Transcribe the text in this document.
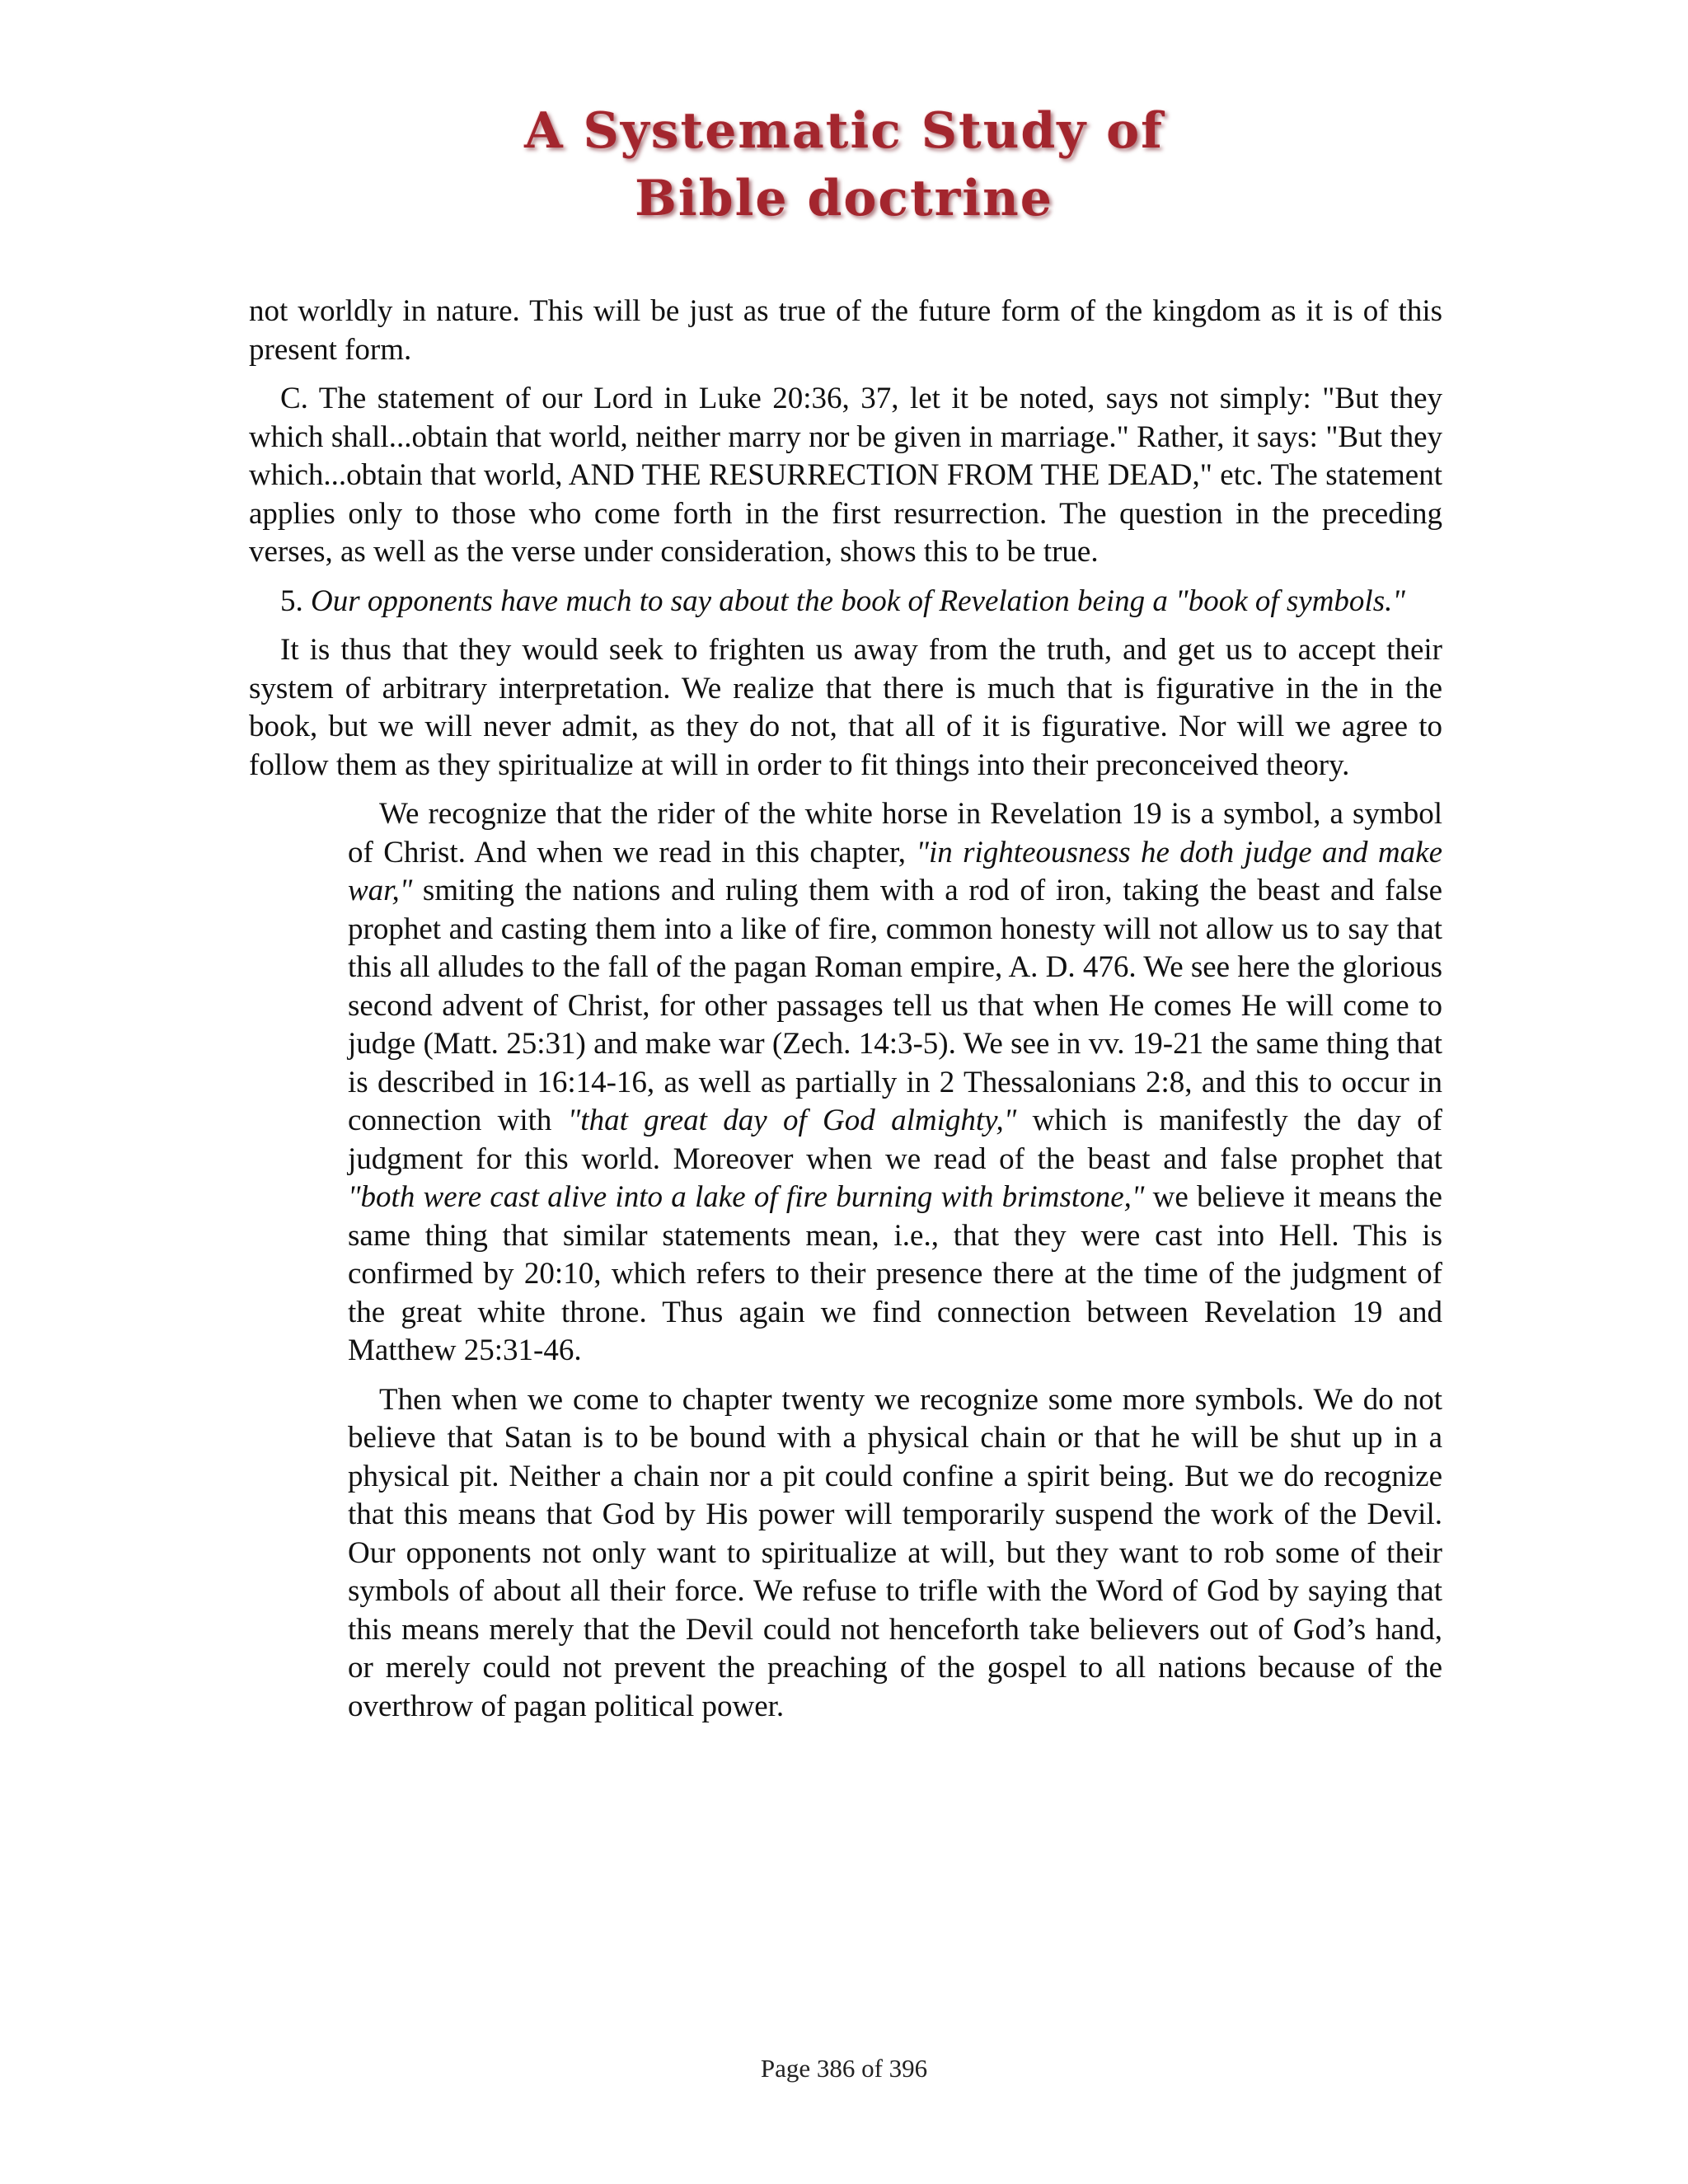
A Systematic Study of
Bible doctrine

not worldly in nature. This will be just as true of the future form of the kingdom as it is of this present form.

C. The statement of our Lord in Luke 20:36, 37, let it be noted, says not simply: "But they which shall...obtain that world, neither marry nor be given in marriage." Rather, it says: "But they which...obtain that world, AND THE RESURRECTION FROM THE DEAD," etc. The statement applies only to those who come forth in the first resurrection. The question in the preceding verses, as well as the verse under consideration, shows this to be true.

5. Our opponents have much to say about the book of Revelation being a "book of symbols."

It is thus that they would seek to frighten us away from the truth, and get us to accept their system of arbitrary interpretation. We realize that there is much that is figurative in the in the book, but we will never admit, as they do not, that all of it is figurative. Nor will we agree to follow them as they spiritualize at will in order to fit things into their preconceived theory.

We recognize that the rider of the white horse in Revelation 19 is a symbol, a symbol of Christ. And when we read in this chapter, "in righteousness he doth judge and make war," smiting the nations and ruling them with a rod of iron, taking the beast and false prophet and casting them into a like of fire, common honesty will not allow us to say that this all alludes to the fall of the pagan Roman empire, A. D. 476. We see here the glorious second advent of Christ, for other passages tell us that when He comes He will come to judge (Matt. 25:31) and make war (Zech. 14:3-5). We see in vv. 19-21 the same thing that is described in 16:14-16, as well as partially in 2 Thessalonians 2:8, and this to occur in connection with "that great day of God almighty," which is manifestly the day of judgment for this world. Moreover when we read of the beast and false prophet that "both were cast alive into a lake of fire burning with brimstone," we believe it means the same thing that similar statements mean, i.e., that they were cast into Hell. This is confirmed by 20:10, which refers to their presence there at the time of the judgment of the great white throne. Thus again we find connection between Revelation 19 and Matthew 25:31-46.

Then when we come to chapter twenty we recognize some more symbols. We do not believe that Satan is to be bound with a physical chain or that he will be shut up in a physical pit. Neither a chain nor a pit could confine a spirit being. But we do recognize that this means that God by His power will temporarily suspend the work of the Devil. Our opponents not only want to spiritualize at will, but they want to rob some of their symbols of about all their force. We refuse to trifle with the Word of God by saying that this means merely that the Devil could not henceforth take believers out of God’s hand, or merely could not prevent the preaching of the gospel to all nations because of the overthrow of pagan political power.

Page 386 of 396
